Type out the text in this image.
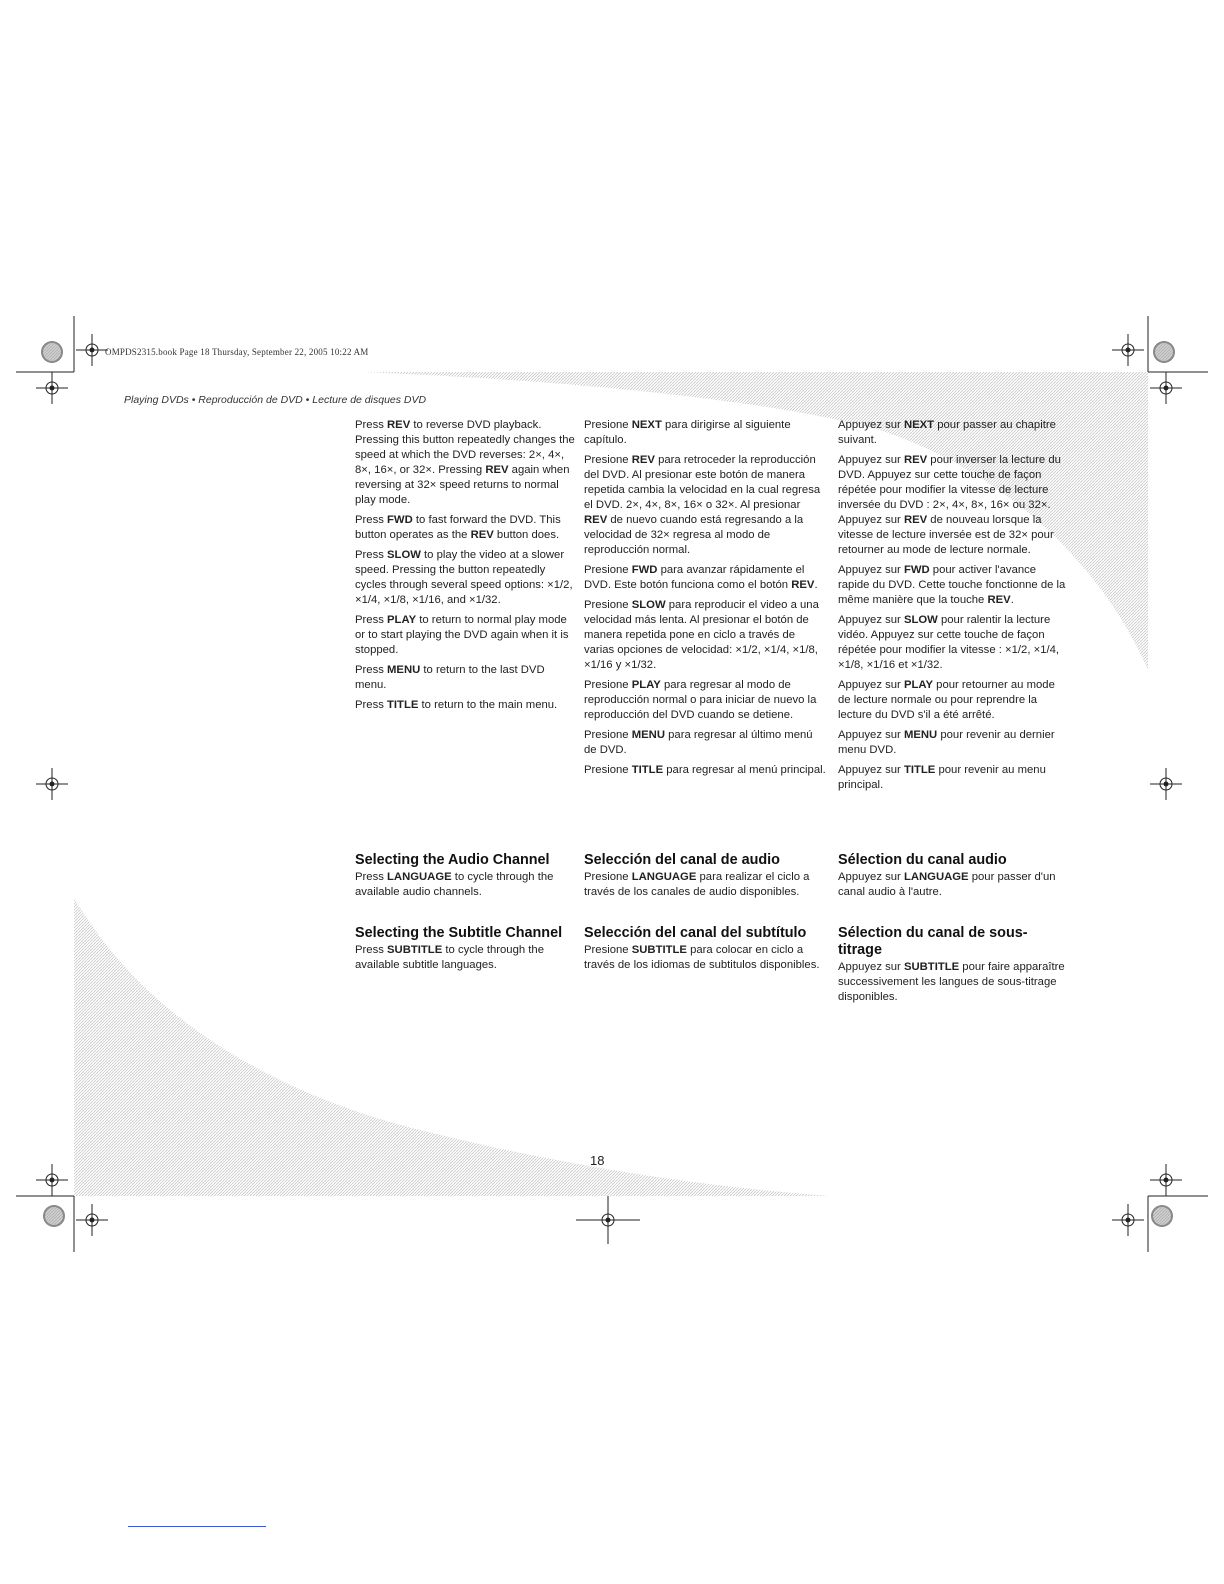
OMPDS2315.book Page 18 Thursday, September 22, 2005 10:22 AM
Playing DVDs • Reproducción de DVD • Lecture de disques DVD

Press REV to reverse DVD playback. Pressing this button repeatedly changes the speed at which the DVD reverses: 2×, 4×, 8×, 16×, or 32×. Pressing REV again when reversing at 32× speed returns to normal play mode.

Press FWD to fast forward the DVD. This button operates as the REV button does.

Press SLOW to play the video at a slower speed. Pressing the button repeatedly cycles through several speed options: ×1/2, ×1/4, ×1/8, ×1/16, and ×1/32.

Press PLAY to return to normal play mode or to start playing the DVD again when it is stopped.

Press MENU to return to the last DVD menu.

Press TITLE to return to the main menu.

Selecting the Audio Channel

Press LANGUAGE to cycle through the available audio channels.

Selecting the Subtitle Channel

Press SUBTITLE to cycle through the available subtitle languages.

Presione NEXT para dirigirse al siguiente capítulo.

Presione REV para retroceder la reproducción del DVD. Al presionar este botón de manera repetida cambia la velocidad en la cual regresa el DVD. 2×, 4×, 8×, 16× o 32×. Al presionar REV de nuevo cuando está regresando a la velocidad de 32× regresa al modo de reproducción normal.

Presione FWD para avanzar rápidamente el DVD. Este botón funciona como el botón REV.

Presione SLOW para reproducir el video a una velocidad más lenta. Al presionar el botón de manera repetida pone en ciclo a través de varias opciones de velocidad: ×1/2, ×1/4, ×1/8, ×1/16 y ×1/32.

Presione PLAY para regresar al modo de reproducción normal o para iniciar de nuevo la reproducción del DVD cuando se detiene.

Presione MENU para regresar al último menú de DVD.

Presione TITLE para regresar al menú principal.

Selección del canal de audio

Presione LANGUAGE para realizar el ciclo a través de los canales de audio disponibles.

Selección del canal del subtítulo

Presione SUBTITLE para colocar en ciclo a través de los idiomas de subtitulos disponibles.

Appuyez sur NEXT pour passer au chapitre suivant.

Appuyez sur REV pour inverser la lecture du DVD. Appuyez sur cette touche de façon répétée pour modifier la vitesse de lecture inversée du DVD : 2×, 4×, 8×, 16× ou 32×. Appuyez sur REV de nouveau lorsque la vitesse de lecture inversée est de 32× pour retourner au mode de lecture normale.

Appuyez sur FWD pour activer l'avance rapide du DVD. Cette touche fonctionne de la même manière que la touche REV.

Appuyez sur SLOW pour ralentir la lecture vidéo. Appuyez sur cette touche de façon répétée pour modifier la vitesse : ×1/2, ×1/4, ×1/8, ×1/16 et ×1/32.

Appuyez sur PLAY pour retourner au mode de lecture normale ou pour reprendre la lecture du DVD s'il a été arrêté.

Appuyez sur MENU pour revenir au dernier menu DVD.

Appuyez sur TITLE pour revenir au menu principal.

Sélection du canal audio

Appuyez sur LANGUAGE pour passer d'un canal audio à l'autre.

Sélection du canal de sous-titrage

Appuyez sur SUBTITLE pour faire apparaître successivement les langues de sous-titrage disponibles.

18
